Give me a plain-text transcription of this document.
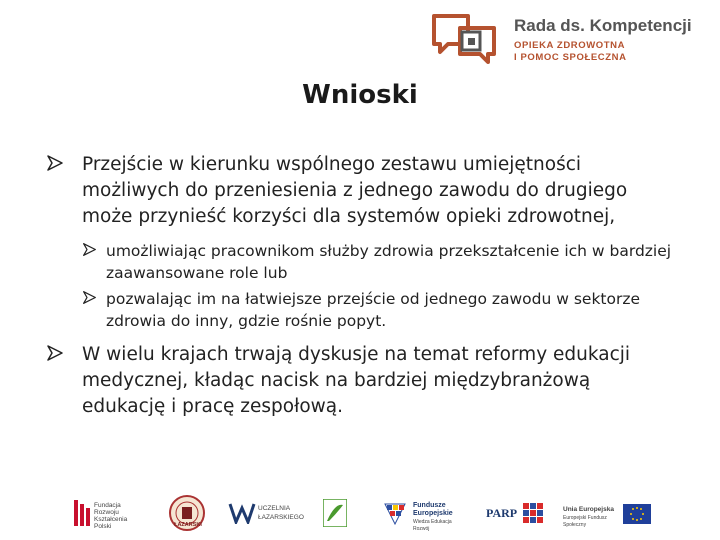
Rada ds. Kompetencji
OPIEKA ZDROWOTNA
I POMOC SPOŁECZNA
Wnioski
Przejście w kierunku wspólnego zestawu umiejętności możliwych do przeniesienia z jednego zawodu do drugiego może przynieść korzyści dla systemów opieki zdrowotnej,
umożliwiając pracownikom służby zdrowia przekształcenie ich w bardziej zaawansowane role lub
pozwalając im na łatwiejsze przejście od jednego zawodu w sektorze zdrowia do inny, gdzie rośnie popyt.
W wielu krajach trwają dyskusje na temat reformy edukacji medycznej, kładąc nacisk na bardziej międzybranżową edukację i pracę zespołową.
Fundacja Rozwoju Kształcenia Polski	ŁAZARSKI
UCZELNIA
ŁAZARSKIEGO
Fundusze
Europejskie
Wiedza Edukacja Rozwój
PARP	Unia Europejska
Europejski Fundusz Społeczny
